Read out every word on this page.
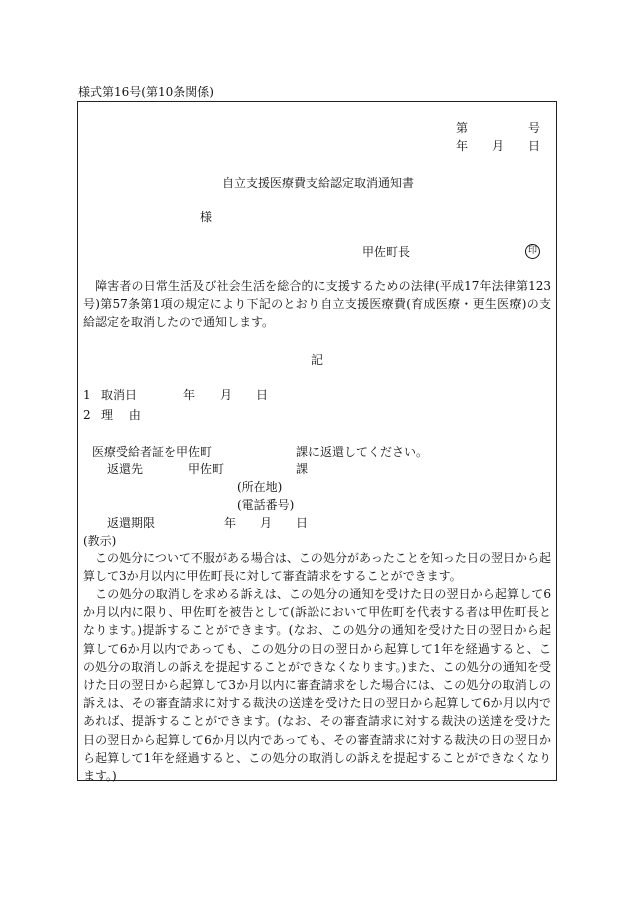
様式第16号(第10条関係)
第	号
年 月 日
自立支援医療費支給認定取消通知書
様
甲佐町長	印
障害者の日常生活及び社会生活を総合的に支援するための法律(平成17年法律第123号)第57条第1項の規定により下記のとおり自立支援医療費(育成医療・更生医療)の支給認定を取消したので通知します。
記
1 取消日	年 月 日
2 理 由
医療受給者証を甲佐町	課に返還してください。
返還先	甲佐町	課
(所在地)
(電話番号)
返還期限	年 月 日
(教示)
この処分について不服がある場合は、この処分があったことを知った日の翌日から起算して3か月以内に甲佐町長に対して審査請求をすることができます。
この処分の取消しを求める訴えは、この処分の通知を受けた日の翌日から起算して6か月以内に限り、甲佐町を被告として(訴訟において甲佐町を代表する者は甲佐町長となります。)提訴することができます。(なお、この処分の通知を受けた日の翌日から起算して6か月以内であっても、この処分の日の翌日から起算して1年を経過すると、この処分の取消しの訴えを提起することができなくなります。)また、この処分の通知を受けた日の翌日から起算して3か月以内に審査請求をした場合には、この処分の取消しの訴えは、その審査請求に対する裁決の送達を受けた日の翌日から起算して6か月以内であれば、提訴することができます。(なお、その審査請求に対する裁決の送達を受けた日の翌日から起算して6か月以内であっても、その審査請求に対する裁決の日の翌日から起算して1年を経過すると、この処分の取消しの訴えを提起することができなくなります。)
